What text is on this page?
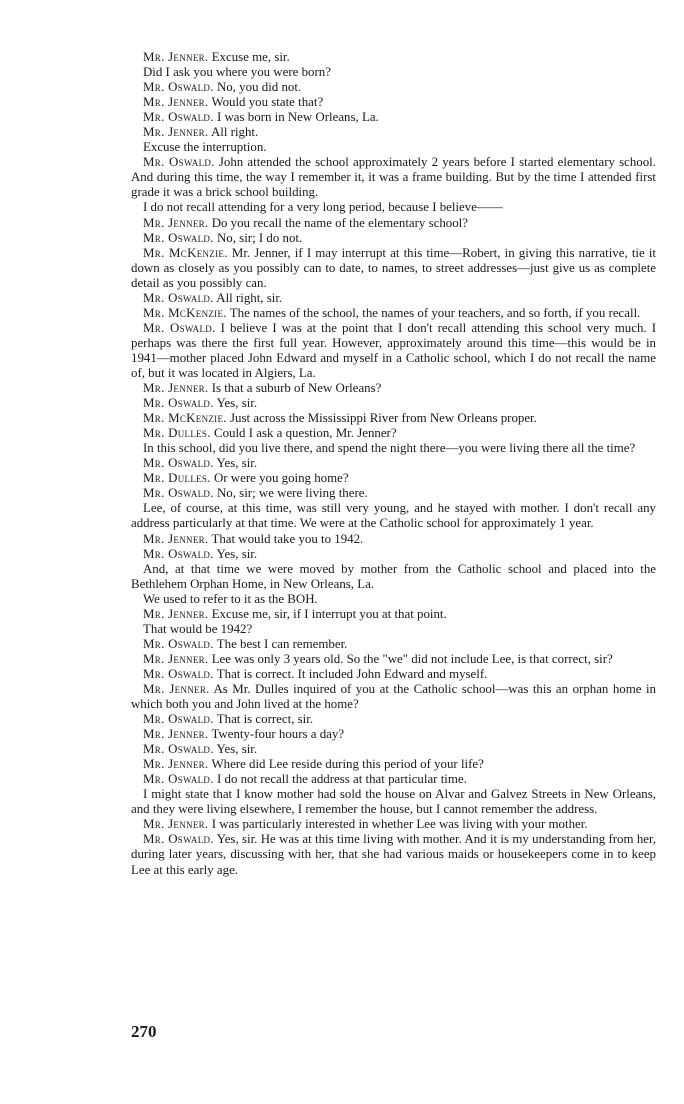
Mr. Jenner. Excuse me, sir.

Did I ask you where you were born?

Mr. Oswald. No, you did not.

Mr. Jenner. Would you state that?

Mr. Oswald. I was born in New Orleans, La.

Mr. Jenner. All right.

Excuse the interruption.

Mr. Oswald. John attended the school approximately 2 years before I started elementary school. And during this time, the way I remember it, it was a frame building. But by the time I attended first grade it was a brick school building.

I do not recall attending for a very long period, because I believe——

Mr. Jenner. Do you recall the name of the elementary school?

Mr. Oswald. No, sir; I do not.

Mr. McKenzie. Mr. Jenner, if I may interrupt at this time—Robert, in giving this narrative, tie it down as closely as you possibly can to date, to names, to street addresses—just give us as complete detail as you possibly can.

Mr. Oswald. All right, sir.

Mr. McKenzie. The names of the school, the names of your teachers, and so forth, if you recall.

Mr. Oswald. I believe I was at the point that I don't recall attending this school very much. I perhaps was there the first full year. However, approximately around this time—this would be in 1941—mother placed John Edward and myself in a Catholic school, which I do not recall the name of, but it was located in Algiers, La.

Mr. Jenner. Is that a suburb of New Orleans?

Mr. Oswald. Yes, sir.

Mr. McKenzie. Just across the Mississippi River from New Orleans proper.

Mr. Dulles. Could I ask a question, Mr. Jenner?

In this school, did you live there, and spend the night there—you were living there all the time?

Mr. Oswald. Yes, sir.

Mr. Dulles. Or were you going home?

Mr. Oswald. No, sir; we were living there.

Lee, of course, at this time, was still very young, and he stayed with mother. I don't recall any address particularly at that time. We were at the Catholic school for approximately 1 year.

Mr. Jenner. That would take you to 1942.

Mr. Oswald. Yes, sir.

And, at that time we were moved by mother from the Catholic school and placed into the Bethlehem Orphan Home, in New Orleans, La.

We used to refer to it as the BOH.

Mr. Jenner. Excuse me, sir, if I interrupt you at that point.

That would be 1942?

Mr. Oswald. The best I can remember.

Mr. Jenner. Lee was only 3 years old. So the "we" did not include Lee, is that correct, sir?

Mr. Oswald. That is correct. It included John Edward and myself.

Mr. Jenner. As Mr. Dulles inquired of you at the Catholic school—was this an orphan home in which both you and John lived at the home?

Mr. Oswald. That is correct, sir.

Mr. Jenner. Twenty-four hours a day?

Mr. Oswald. Yes, sir.

Mr. Jenner. Where did Lee reside during this period of your life?

Mr. Oswald. I do not recall the address at that particular time.

I might state that I know mother had sold the house on Alvar and Galvez Streets in New Orleans, and they were living elsewhere, I remember the house, but I cannot remember the address.

Mr. Jenner. I was particularly interested in whether Lee was living with your mother.

Mr. Oswald. Yes, sir. He was at this time living with mother. And it is my understanding from her, during later years, discussing with her, that she had various maids or housekeepers come in to keep Lee at this early age.

270
